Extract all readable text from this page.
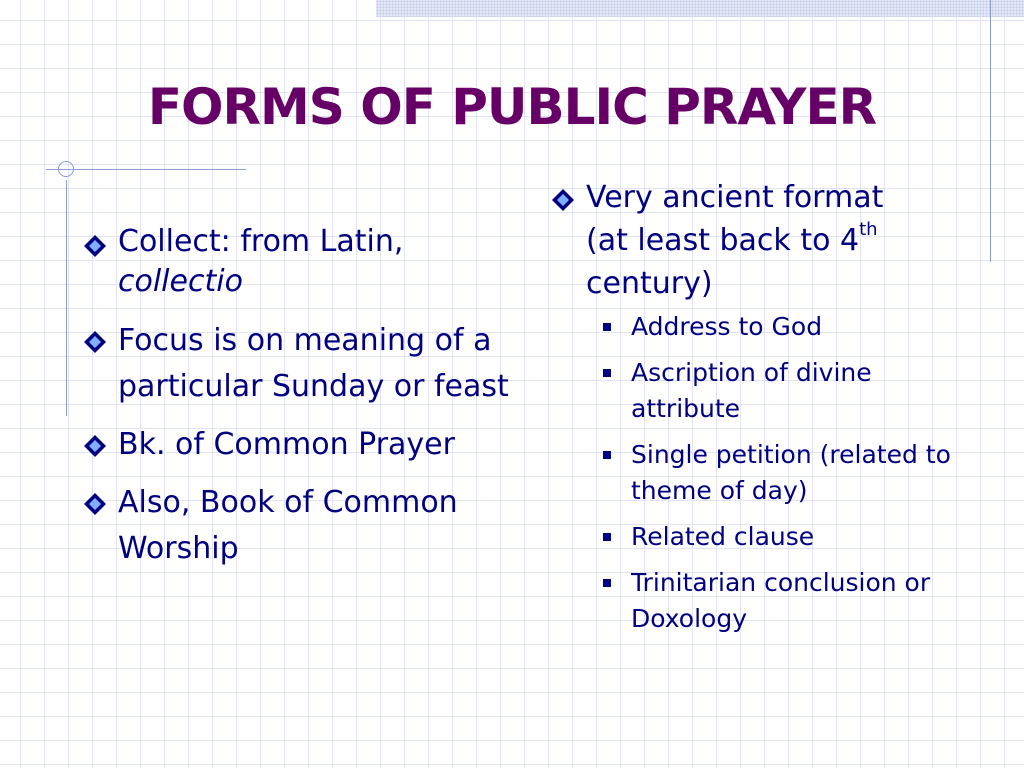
FORMS OF PUBLIC PRAYER
Collect: from Latin,
collectio
Focus is on meaning of a particular Sunday or feast
Bk. of Common Prayer
Also, Book of Common Worship
Very ancient format
(at least back to 4th
century)
Address to God
Ascription of divine attribute
Single petition (related to theme of day)
Related clause
Trinitarian conclusion or Doxology
